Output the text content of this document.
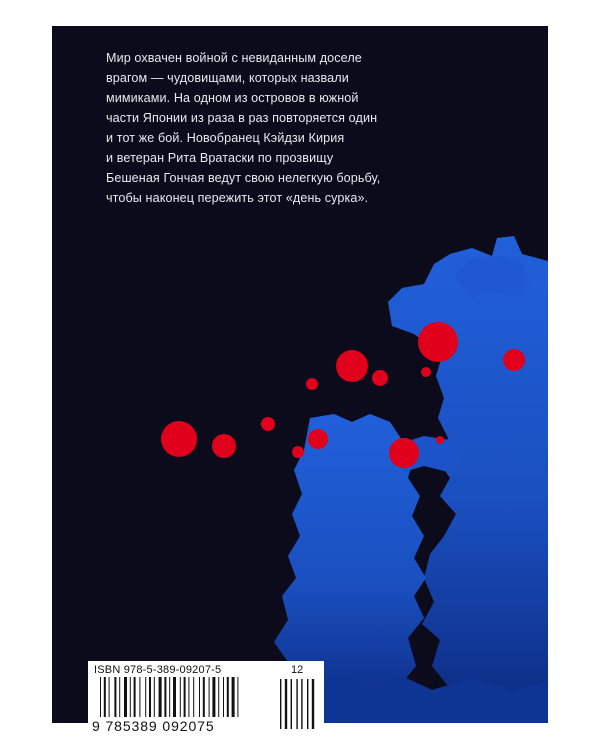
Мир охвачен войной с невиданным доселе
врагом — чудовищами, которых назвали
мимиками. На одном из островов в южной
части Японии из раза в раз повторяется один
и тот же бой. Новобранец Кэйдзи Кирия
и ветеран Рита Вратаски по прозвищу
Бешеная Гончая ведут свою нелегкую борьбу,
чтобы наконец пережить этот «день сурка».

ISBN 978-5-389-09207-5	12
9 785389 092075
